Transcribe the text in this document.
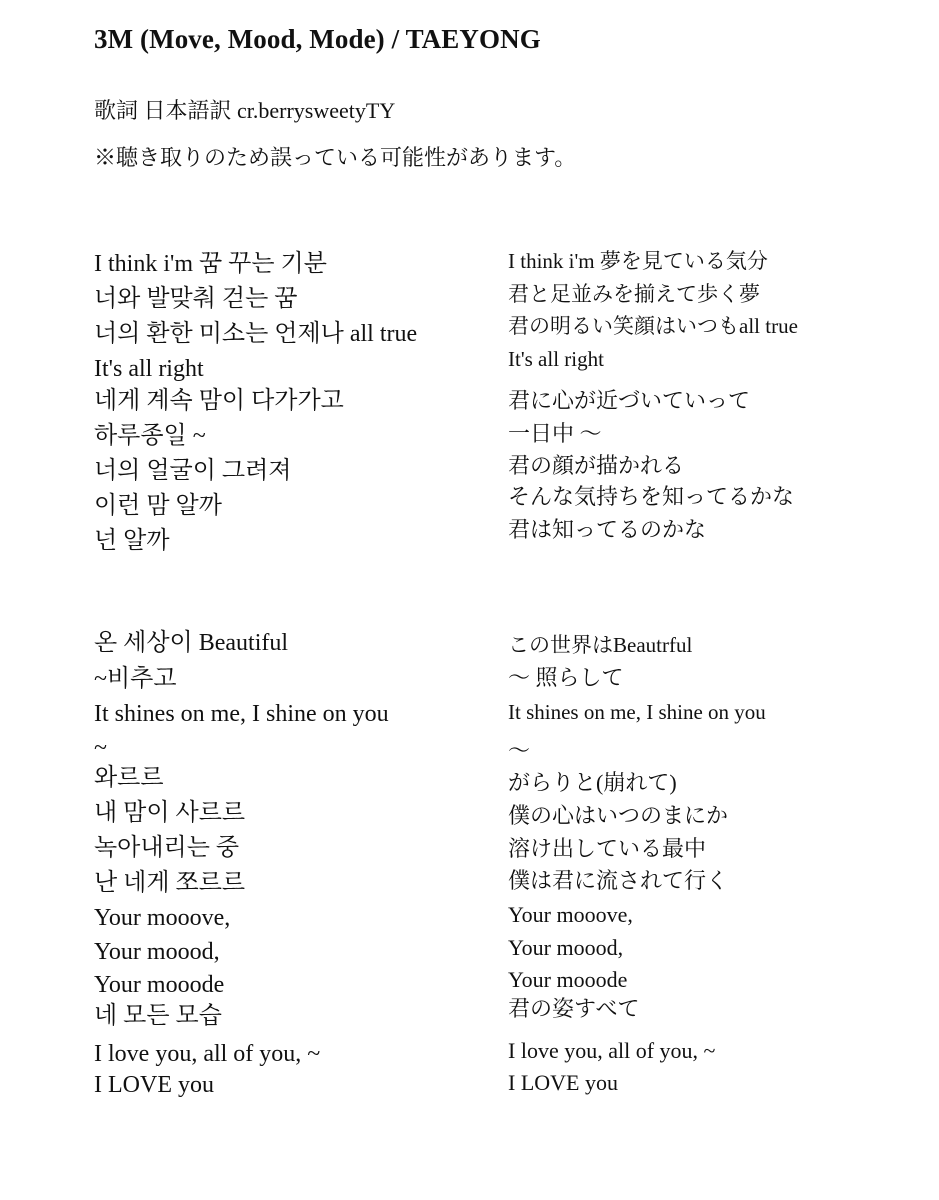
3M (Move, Mood, Mode) / TAEYONG
歌詞 日本語訳 cr.berrysweetyTY
※聴き取りのため誤っている可能性があります。
I think i'm 꿈 꾸는 기분
너와 발맞춰 걷는 꿈
너의 환한 미소는 언제나 all true
It's all right
네게 계속 맘이 다가가고
하루종일 ~
너의 얼굴이 그려져
이런 맘 알까
넌 알까
I think i'm 夢を見ている気分
君と足並みを揃えて歩く夢
君の明るい笑顔はいつもall true
It's all right
君に心が近づいていって
一日中 〜
君の顔が描かれる
そんな気持ちを知ってるかな
君は知ってるのかな
온 세상이 Beautiful
~비추고
It shines on me, I shine on you
~
와르르
내 맘이 사르르
녹아내리는 중
난 네게 쪼르르
Your mooove,
Your moood,
Your mooode
네 모든 모습
I love you, all of you, ~
I LOVE you
この世界はBeautrful
〜 照らして
It shines on me, I shine on you
〜
がらりと(崩れて)
僕の心はいつのまにか
溶け出している最中
僕は君に流されて行く
Your mooove,
Your moood,
Your mooode
君の姿すべて
I love you, all of you, ~
I LOVE you
